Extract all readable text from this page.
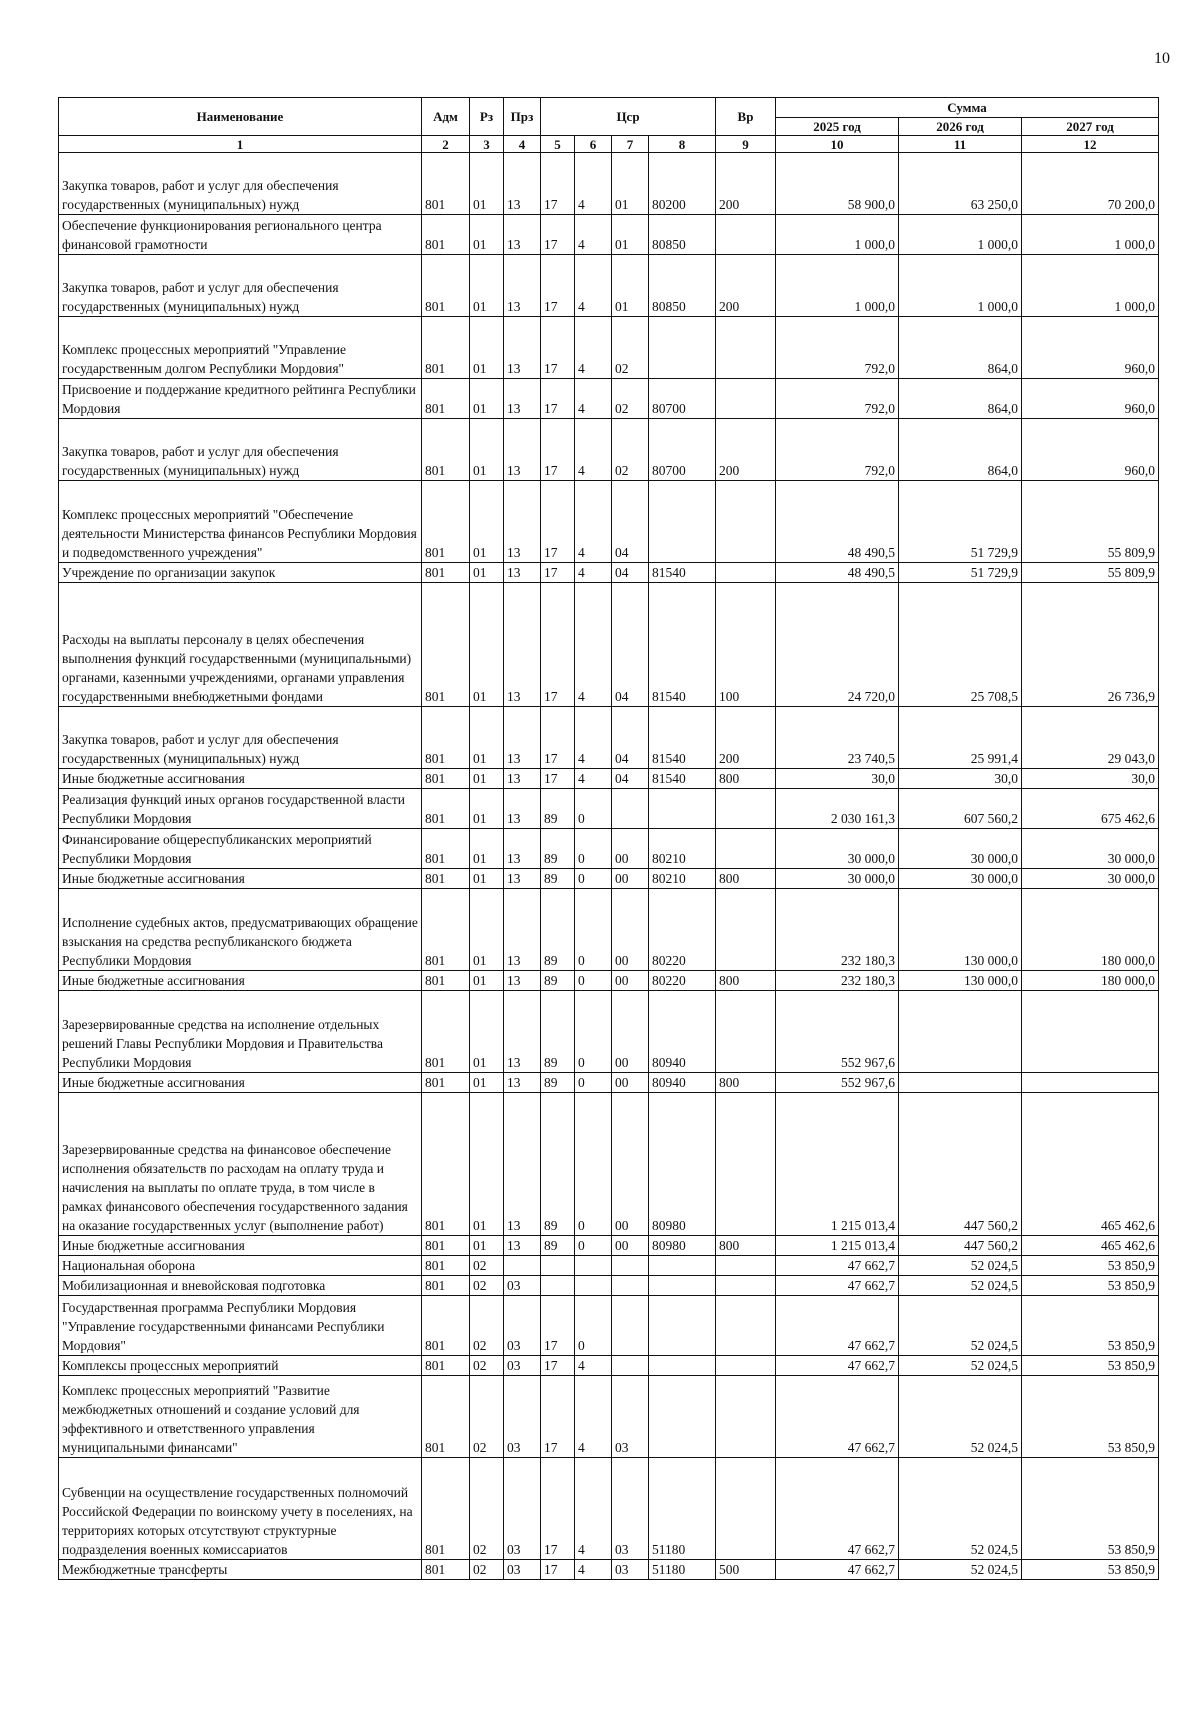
10
Наименование	Адм	Рз	Прз	Цср				Вр	Сумма		
									2025 год	2026 год	2027 год
1	2	3	4	5	6	7	8	9	10	11	12
Закупка товаров, работ и услуг для обеспечения государственных (муниципальных) нужд	801	01	13	17	4	01	80200	200	58 900,0	63 250,0	70 200,0
Обеспечение функционирования регионального центра финансовой грамотности	801	01	13	17	4	01	80850		1 000,0	1 000,0	1 000,0
Закупка товаров, работ и услуг для обеспечения государственных (муниципальных) нужд	801	01	13	17	4	01	80850	200	1 000,0	1 000,0	1 000,0
Комплекс процессных мероприятий "Управление государственным долгом Республики Мордовия"	801	01	13	17	4	02			792,0	864,0	960,0
Присвоение и поддержание кредитного рейтинга Республики Мордовия	801	01	13	17	4	02	80700		792,0	864,0	960,0
Закупка товаров, работ и услуг для обеспечения государственных (муниципальных) нужд	801	01	13	17	4	02	80700	200	792,0	864,0	960,0
Комплекс процессных мероприятий "Обеспечение деятельности Министерства финансов Республики Мордовия и подведомственного учреждения"	801	01	13	17	4	04			48 490,5	51 729,9	55 809,9
Учреждение по организации закупок	801	01	13	17	4	04	81540		48 490,5	51 729,9	55 809,9
Расходы на выплаты персоналу в целях обеспечения выполнения функций государственными (муниципальными) органами, казенными учреждениями, органами управления государственными внебюджетными фондами	801	01	13	17	4	04	81540	100	24 720,0	25 708,5	26 736,9
Закупка товаров, работ и услуг для обеспечения государственных (муниципальных) нужд	801	01	13	17	4	04	81540	200	23 740,5	25 991,4	29 043,0
Иные бюджетные ассигнования	801	01	13	17	4	04	81540	800	30,0	30,0	30,0
Реализация функций иных органов государственной власти Республики Мордовия	801	01	13	89	0				2 030 161,3	607 560,2	675 462,6
Финансирование общереспубликанских мероприятий Республики Мордовия	801	01	13	89	0	00	80210		30 000,0	30 000,0	30 000,0
Иные бюджетные ассигнования	801	01	13	89	0	00	80210	800	30 000,0	30 000,0	30 000,0
Исполнение судебных актов, предусматривающих обращение взыскания на средства республиканского бюджета Республики Мордовия	801	01	13	89	0	00	80220		232 180,3	130 000,0	180 000,0
Иные бюджетные ассигнования	801	01	13	89	0	00	80220	800	232 180,3	130 000,0	180 000,0
Зарезервированные средства на исполнение отдельных решений Главы Республики Мордовия и Правительства Республики Мордовия	801	01	13	89	0	00	80940		552 967,6		
Иные бюджетные ассигнования	801	01	13	89	0	00	80940	800	552 967,6		
Зарезервированные средства на финансовое обеспечение исполнения обязательств по расходам на оплату труда и начисления на выплаты по оплате труда, в том числе в рамках финансового обеспечения государственного задания на оказание государственных услуг (выполнение работ)	801	01	13	89	0	00	80980		1 215 013,4	447 560,2	465 462,6
Иные бюджетные ассигнования	801	01	13	89	0	00	80980	800	1 215 013,4	447 560,2	465 462,6
Национальная оборона	801	02							47 662,7	52 024,5	53 850,9
Мобилизационная и вневойсковая подготовка	801	02	03						47 662,7	52 024,5	53 850,9
Государственная программа Республики Мордовия "Управление государственными финансами Республики Мордовия"	801	02	03	17	0				47 662,7	52 024,5	53 850,9
Комплексы процессных мероприятий	801	02	03	17	4				47 662,7	52 024,5	53 850,9
Комплекс процессных мероприятий "Развитие межбюджетных отношений и создание условий для эффективного и ответственного управления муниципальными финансами"	801	02	03	17	4	03			47 662,7	52 024,5	53 850,9
Субвенции на осуществление государственных полномочий Российской Федерации по воинскому учету в поселениях, на территориях которых отсутствуют структурные подразделения военных комиссариатов	801	02	03	17	4	03	51180		47 662,7	52 024,5	53 850,9
Межбюджетные трансферты	801	02	03	17	4	03	51180	500	47 662,7	52 024,5	53 850,9
